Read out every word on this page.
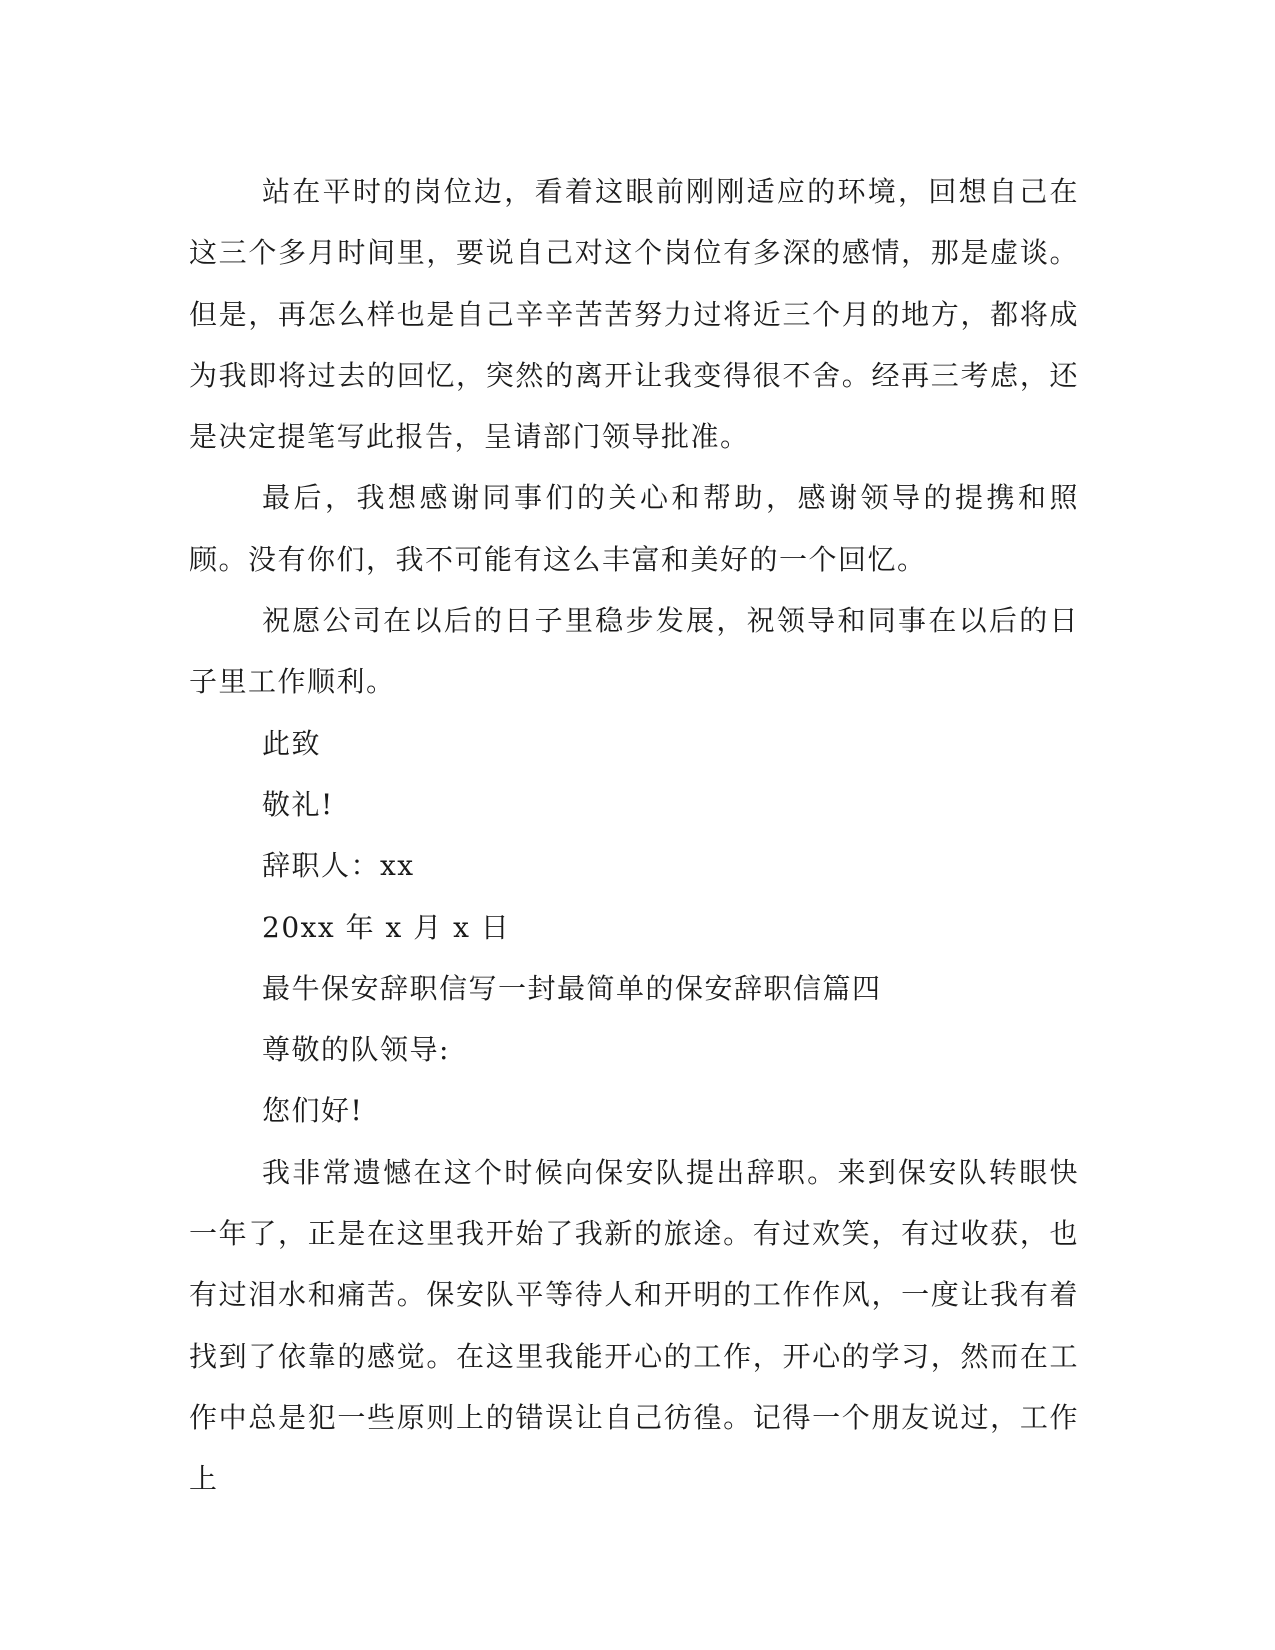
站在平时的岗位边，看着这眼前刚刚适应的环境，回想自己在这三个多月时间里，要说自己对这个岗位有多深的感情，那是虚谈。但是，再怎么样也是自己辛辛苦苦努力过将近三个月的地方，都将成为我即将过去的回忆，突然的离开让我变得很不舍。经再三考虑，还是决定提笔写此报告，呈请部门领导批准。

最后，我想感谢同事们的关心和帮助，感谢领导的提携和照顾。没有你们，我不可能有这么丰富和美好的一个回忆。

祝愿公司在以后的日子里稳步发展，祝领导和同事在以后的日子里工作顺利。

此致

敬礼!

辞职人：xx

20xx 年 x 月 x 日

最牛保安辞职信写一封最简单的保安辞职信篇四

尊敬的队领导:

您们好!

我非常遗憾在这个时候向保安队提出辞职。来到保安队转眼快一年了，正是在这里我开始了我新的旅途。有过欢笑，有过收获，也有过泪水和痛苦。保安队平等待人和开明的工作作风，一度让我有着找到了依靠的感觉。在这里我能开心的工作，开心的学习，然而在工作中总是犯一些原则上的错误让自己彷徨。记得一个朋友说过，工作上
